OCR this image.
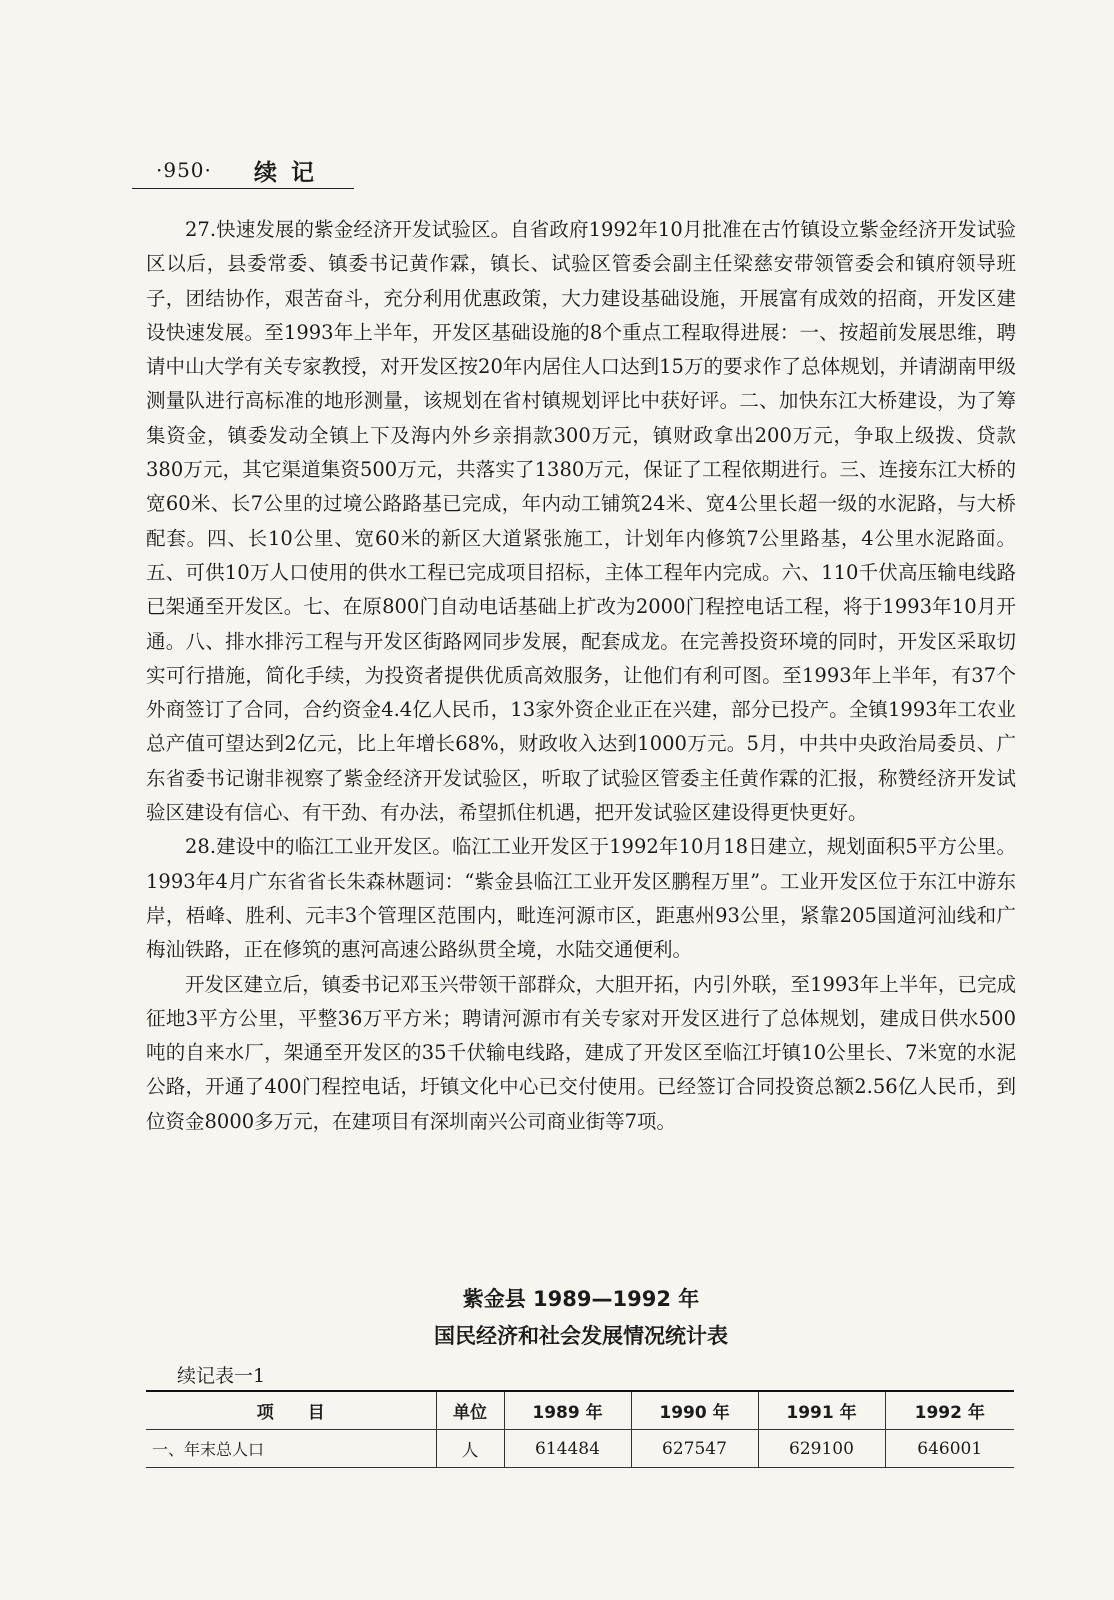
·950· 续记

27.快速发展的紫金经济开发试验区。自省政府1992年10月批准在古竹镇设立紫金经济开发试验区以后，县委常委、镇委书记黄作霖，镇长、试验区管委会副主任梁慈安带领管委会和镇府领导班子，团结协作，艰苦奋斗，充分利用优惠政策，大力建设基础设施，开展富有成效的招商，开发区建设快速发展。至1993年上半年，开发区基础设施的8个重点工程取得进展：一、按超前发展思维，聘请中山大学有关专家教授，对开发区按20年内居住人口达到15万的要求作了总体规划，并请湖南甲级测量队进行高标准的地形测量，该规划在省村镇规划评比中获好评。二、加快东江大桥建设，为了筹集资金，镇委发动全镇上下及海内外乡亲捐款300万元，镇财政拿出200万元，争取上级拨、贷款380万元，其它渠道集资500万元，共落实了1380万元，保证了工程依期进行。三、连接东江大桥的宽60米、长7公里的过境公路路基已完成，年内动工铺筑24米、宽4公里长超一级的水泥路，与大桥配套。四、长10公里、宽60米的新区大道紧张施工，计划年内修筑7公里路基，4公里水泥路面。五、可供10万人口使用的供水工程已完成项目招标，主体工程年内完成。六、110千伏高压输电线路已架通至开发区。七、在原800门自动电话基础上扩改为2000门程控电话工程，将于1993年10月开通。八、排水排污工程与开发区街路网同步发展，配套成龙。在完善投资环境的同时，开发区采取切实可行措施，简化手续，为投资者提供优质高效服务，让他们有利可图。至1993年上半年，有37个外商签订了合同，合约资金4.4亿人民币，13家外资企业正在兴建，部分已投产。全镇1993年工农业总产值可望达到2亿元，比上年增长68%，财政收入达到1000万元。5月，中共中央政治局委员、广东省委书记谢非视察了紫金经济开发试验区，听取了试验区管委主任黄作霖的汇报，称赞经济开发试验区建设有信心、有干劲、有办法，希望抓住机遇，把开发试验区建设得更快更好。

28.建设中的临江工业开发区。临江工业开发区于1992年10月18日建立，规划面积5平方公里。1993年4月广东省省长朱森林题词：“紫金县临江工业开发区鹏程万里”。工业开发区位于东江中游东岸，梧峰、胜利、元丰3个管理区范围内，毗连河源市区，距惠州93公里，紧靠205国道河汕线和广梅汕铁路，正在修筑的惠河高速公路纵贯全境，水陆交通便利。

开发区建立后，镇委书记邓玉兴带领干部群众，大胆开拓，内引外联，至1993年上半年，已完成征地3平方公里，平整36万平方米；聘请河源市有关专家对开发区进行了总体规划，建成日供水500吨的自来水厂，架通至开发区的35千伏输电线路，建成了开发区至临江圩镇10公里长、7米宽的水泥公路，开通了400门程控电话，圩镇文化中心已交付使用。已经签订合同投资总额2.56亿人民币，到位资金8000多万元，在建项目有深圳南兴公司商业街等7项。

紫金县 1989—1992 年
国民经济和社会发展情况统计表
续记表一1
项　　目	单位	1989 年	1990 年	1991 年	1992 年
一、年末总人口	人	614484	627547	629100	646001
